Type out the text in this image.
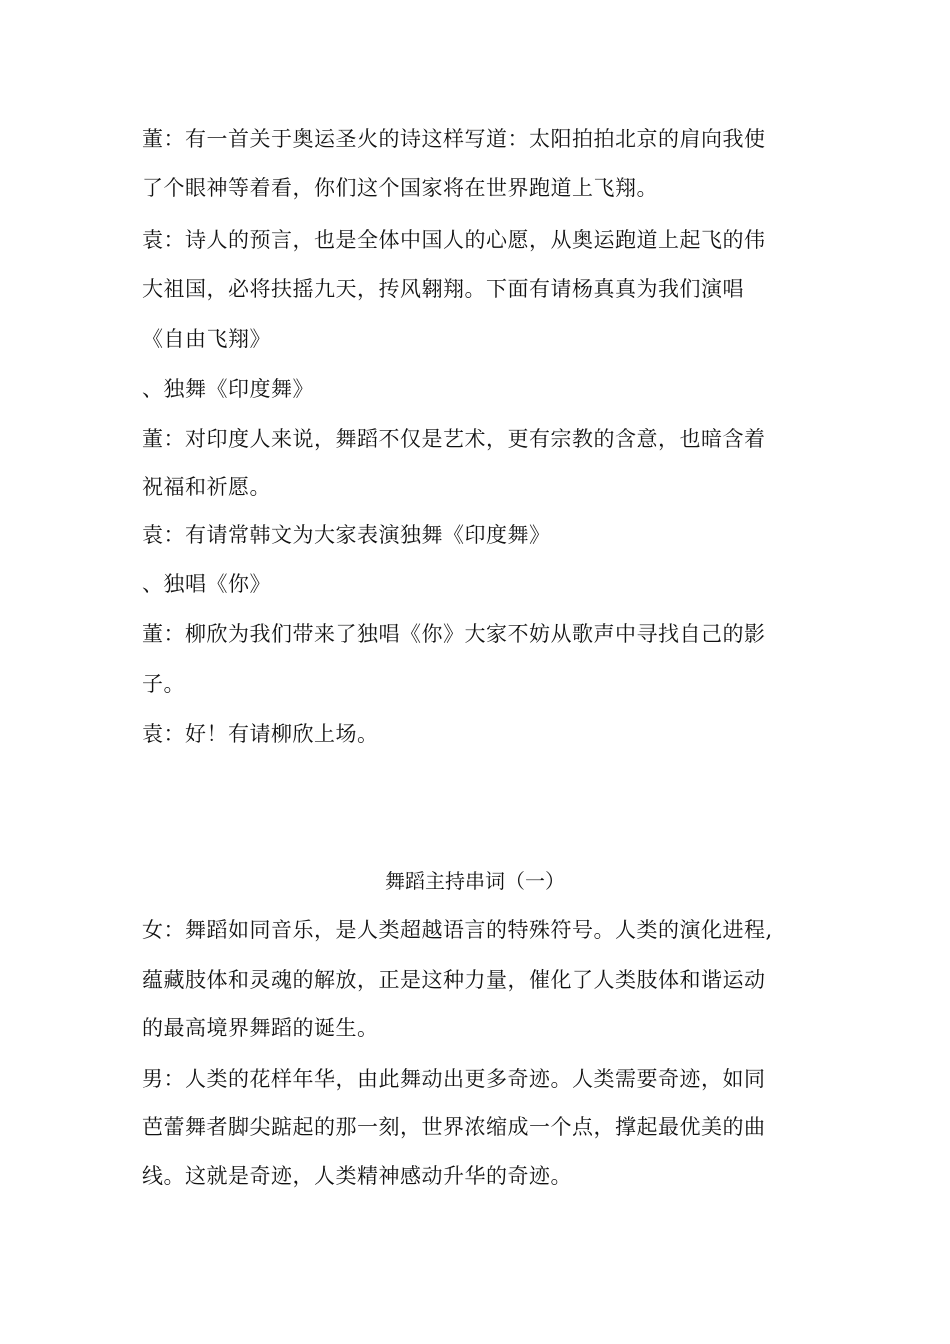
董：有一首关于奥运圣火的诗这样写道：太阳拍拍北京的肩向我使
了个眼神等着看，你们这个国家将在世界跑道上飞翔。
袁：诗人的预言，也是全体中国人的心愿，从奥运跑道上起飞的伟
大祖国，必将扶摇九天，抟风翱翔。下面有请杨真真为我们演唱
《自由飞翔》
、独舞《印度舞》
董：对印度人来说，舞蹈不仅是艺术，更有宗教的含意，也暗含着
祝福和祈愿。
袁：有请常韩文为大家表演独舞《印度舞》
、独唱《你》
董：柳欣为我们带来了独唱《你》大家不妨从歌声中寻找自己的影
子。
袁：好！有请柳欣上场。
舞蹈主持串词（一）
女：舞蹈如同音乐，是人类超越语言的特殊符号。人类的演化进程,
蕴藏肢体和灵魂的解放，正是这种力量，催化了人类肢体和谐运动
的最高境界舞蹈的诞生。
男：人类的花样年华，由此舞动出更多奇迹。人类需要奇迹，如同
芭蕾舞者脚尖踮起的那一刻，世界浓缩成一个点，撑起最优美的曲
线。这就是奇迹，人类精神感动升华的奇迹。
